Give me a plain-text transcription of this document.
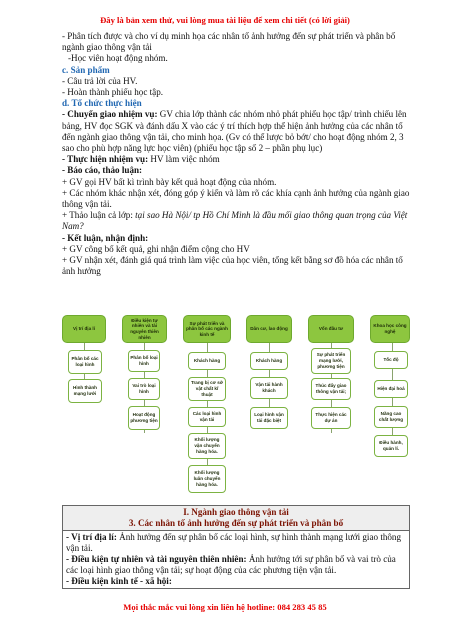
Đây là bản xem thử, vui lòng mua tài liệu để xem chi tiết (có lời giải)

- Phân tích được và cho ví dụ minh họa các nhân tố ảnh hưởng đến sự phát triển và phân bố ngành giao thông vận tải

-Học viên hoạt động nhóm.

c. Sản phẩm

- Câu trả lời của HV.

- Hoàn thành phiếu học tập.

d. Tổ chức thực hiện

- Chuyển giao nhiệm vụ: GV chia lớp thành các nhóm nhỏ phát phiếu học tập/ trình chiếu lên bảng, HV đọc SGK và đánh dấu X vào các ý trí thích hợp thể hiện ảnh hưởng của các nhân tố đến ngành giao thông vận tải, cho minh họa. (Gv có thể lược bỏ bớt/ cho hoạt động nhóm 2, 3 sao cho phù hợp năng lực học viên) (phiếu học tập số 2 – phần phụ lục)

- Thực hiện nhiệm vụ: HV làm việc nhóm

- Báo cáo, thảo luận:

+ GV gọi HV bất kì trình bày kết quả hoạt động của nhóm.

+ Các nhóm khác nhận xét, đóng góp ý kiến và làm rõ các khía cạnh ảnh hưởng của ngành giao thông vận tải.

+ Thảo luận cả lớp: tại sao Hà Nội/ tp Hồ Chí Minh là đầu mối giao thông quan trọng của Việt Nam?

- Kết luận, nhận định:

+ GV công bố kết quả, ghi nhận điểm cộng cho HV

+ GV nhận xét, đánh giá quá trình làm việc của học viên, tổng kết bằng sơ đồ hóa các nhân tố ảnh hưởng

Vị trí địa lí
Điều kiện tự nhiên và tài nguyên thiên nhiên
Sự phát triển và phân bố các ngành kinh tế
Dân cư, lao động	Vốn đầu tư
Khoa học công nghệ
Phân bố các loại hình
Hình thành mạng lưới
Phân bố loại hình
Vai trò loại hình
Hoạt động phương tiện
Khách hàng
Trang bị cơ sở vật chất kĩ thuật
Các loại hình vận tải
Khối lượng vận chuyển hàng hóa.
Khối lượng luân chuyển hàng hóa.
Khách hàng
Vận tải hành khách
Loại hình vận tải đặc biệt
Sự phát triển mạng lưới, phương tiện
Thúc đẩy giao thông vận tải;
Thực hiện các dự án
Tốc độ
Hiện đại hoá
Năng cao chất lượng
Điều hành, quản lí.
I. Ngành giao thông vận tải
3. Các nhân tố ảnh hưởng đến sự phát triển và phân bố

- Vị trí địa lí: Ảnh hưởng đến sự phân bố các loại hình, sự hình thành mạng lưới giao thông vận tải.
- Điều kiện tự nhiên và tài nguyên thiên nhiên: Ảnh hưởng tới sự phân bố và vai trò của các loại hình giao thông vận tải; sự hoạt động của các phương tiện vận tải.
- Điều kiện kinh tế - xã hội:
Mọi thắc mắc vui lòng xin liên hệ hotline: 084 283 45 85
